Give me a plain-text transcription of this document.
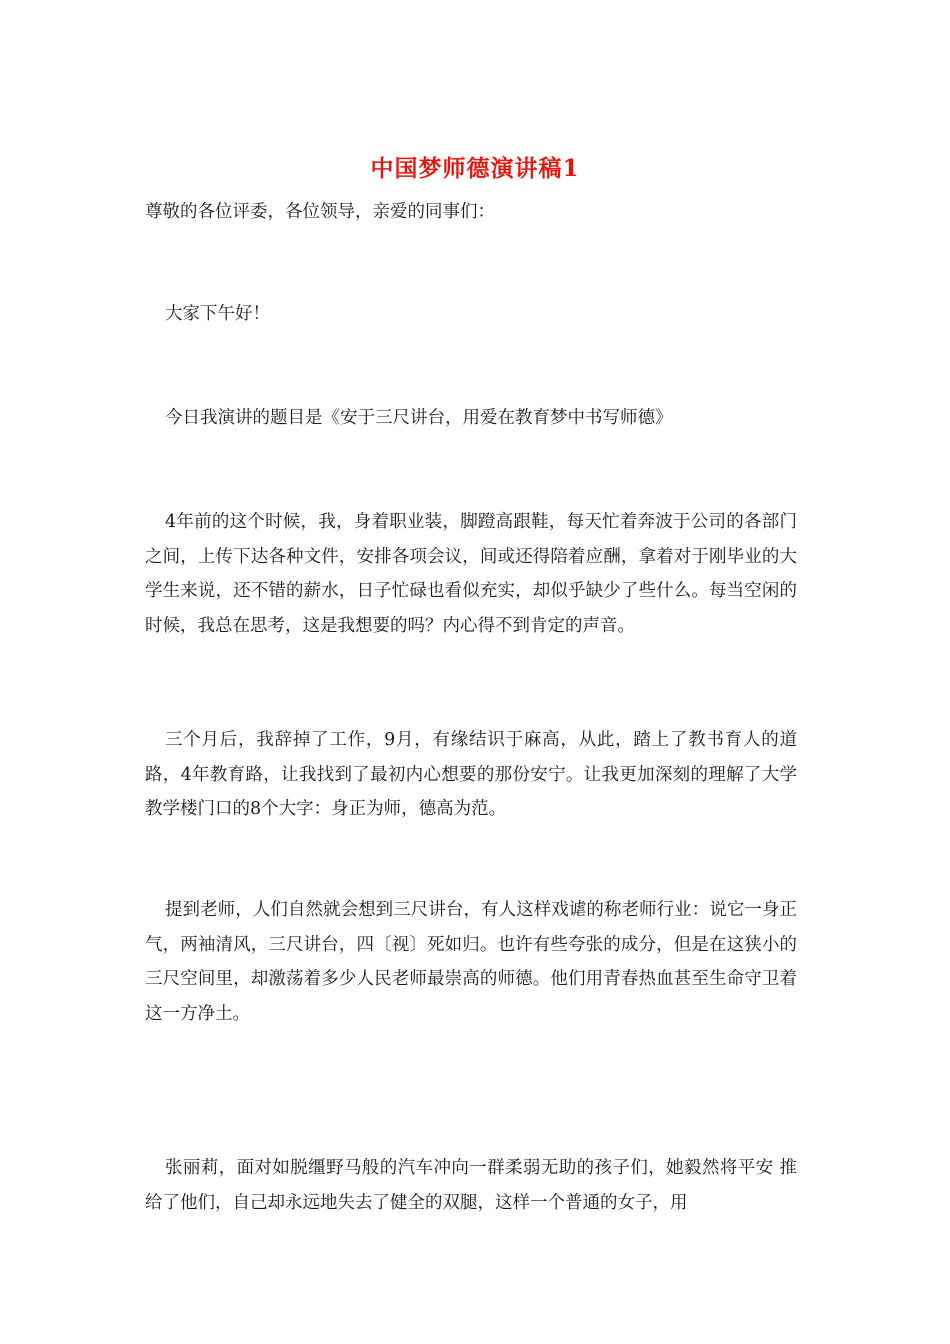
中国梦师德演讲稿1

尊敬的各位评委，各位领导，亲爱的同事们：

大家下午好！

今日我演讲的题目是《安于三尺讲台，用爱在教育梦中书写师德》

4年前的这个时候，我，身着职业装，脚蹬高跟鞋，每天忙着奔波于公司的各部门之间，上传下达各种文件，安排各项会议，间或还得陪着应酬，拿着对于刚毕业的大学生来说，还不错的薪水，日子忙碌也看似充实，却似乎缺少了些什么。每当空闲的时候，我总在思考，这是我想要的吗？内心得不到肯定的声音。

三个月后，我辞掉了工作，9月，有缘结识于麻高，从此，踏上了教书育人的道路，4年教育路，让我找到了最初内心想要的那份安宁。让我更加深刻的理解了大学教学楼门口的8个大字：身正为师，德高为范。

提到老师，人们自然就会想到三尺讲台，有人这样戏谑的称老师行业：说它一身正气，两袖清风，三尺讲台，四〔视〕死如归。也许有些夸张的成分，但是在这狭小的三尺空间里，却激荡着多少人民老师最崇高的师德。他们用青春热血甚至生命守卫着这一方净土。

张丽莉，面对如脱缰野马般的汽车冲向一群柔弱无助的孩子们，她毅然将平安 推 给了他们，自己却永远地失去了健全的双腿，这样一个普通的女子，用
